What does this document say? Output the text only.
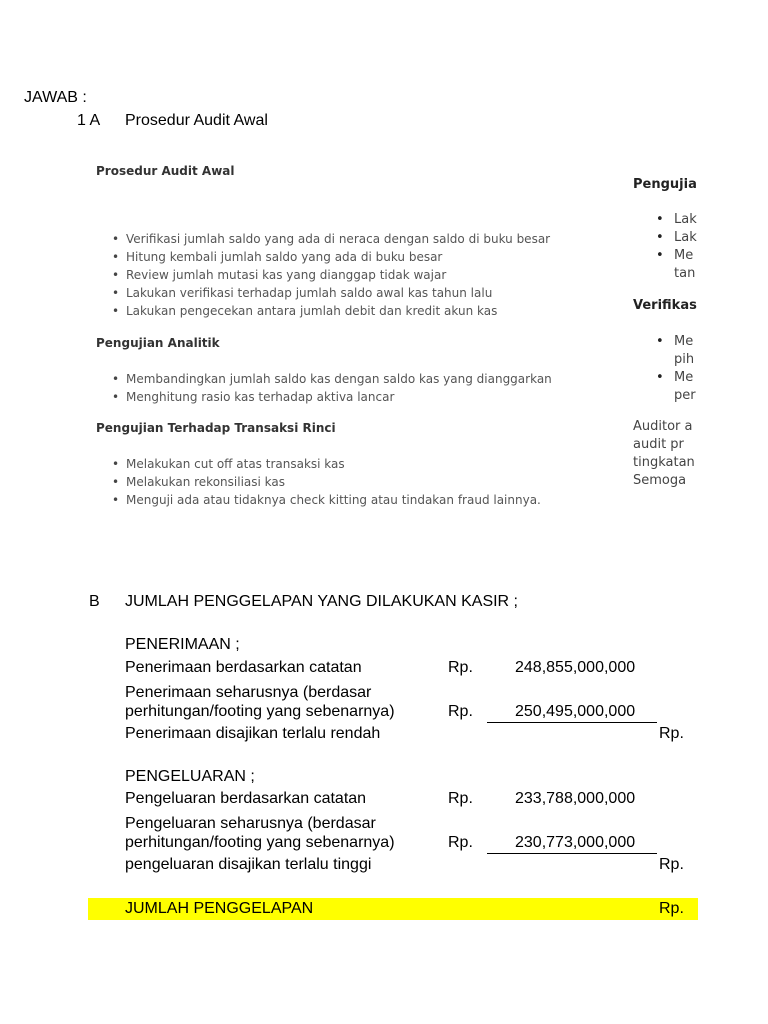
JAWAB :
1 A Prosedur Audit Awal
Prosedur Audit Awal
• Verifikasi jumlah saldo yang ada di neraca dengan saldo di buku besar
• Hitung kembali jumlah saldo yang ada di buku besar
• Review jumlah mutasi kas yang dianggap tidak wajar
• Lakukan verifikasi terhadap jumlah saldo awal kas tahun lalu
• Lakukan pengecekan antara jumlah debit dan kredit akun kas
Pengujian Analitik
• Membandingkan jumlah saldo kas dengan saldo kas yang dianggarkan
• Menghitung rasio kas terhadap aktiva lancar
Pengujian Terhadap Transaksi Rinci
• Melakukan cut off atas transaksi kas
• Melakukan rekonsiliasi kas
• Menguji ada atau tidaknya check kitting atau tindakan fraud lainnya.
Pengujia
• Lak
• Lak
• Me
tan
Verifikas
• Me
pih
• Me
per
Auditor a
audit pr
tingkatan
Semoga
B JUMLAH PENGGELAPAN YANG DILAKUKAN KASIR ;
PENERIMAAN ;
Penerimaan berdasarkan catatan	Rp.	248,855,000,000
Penerimaan seharusnya (berdasar
perhitungan/footing yang sebenarnya)	Rp.	250,495,000,000
Penerimaan disajikan terlalu rendah	Rp.
PENGELUARAN ;
Pengeluaran berdasarkan catatan	Rp.	233,788,000,000
Pengeluaran seharusnya (berdasar
perhitungan/footing yang sebenarnya)	Rp.	230,773,000,000
pengeluaran disajikan terlalu tinggi	Rp.
JUMLAH PENGGELAPAN	Rp.
